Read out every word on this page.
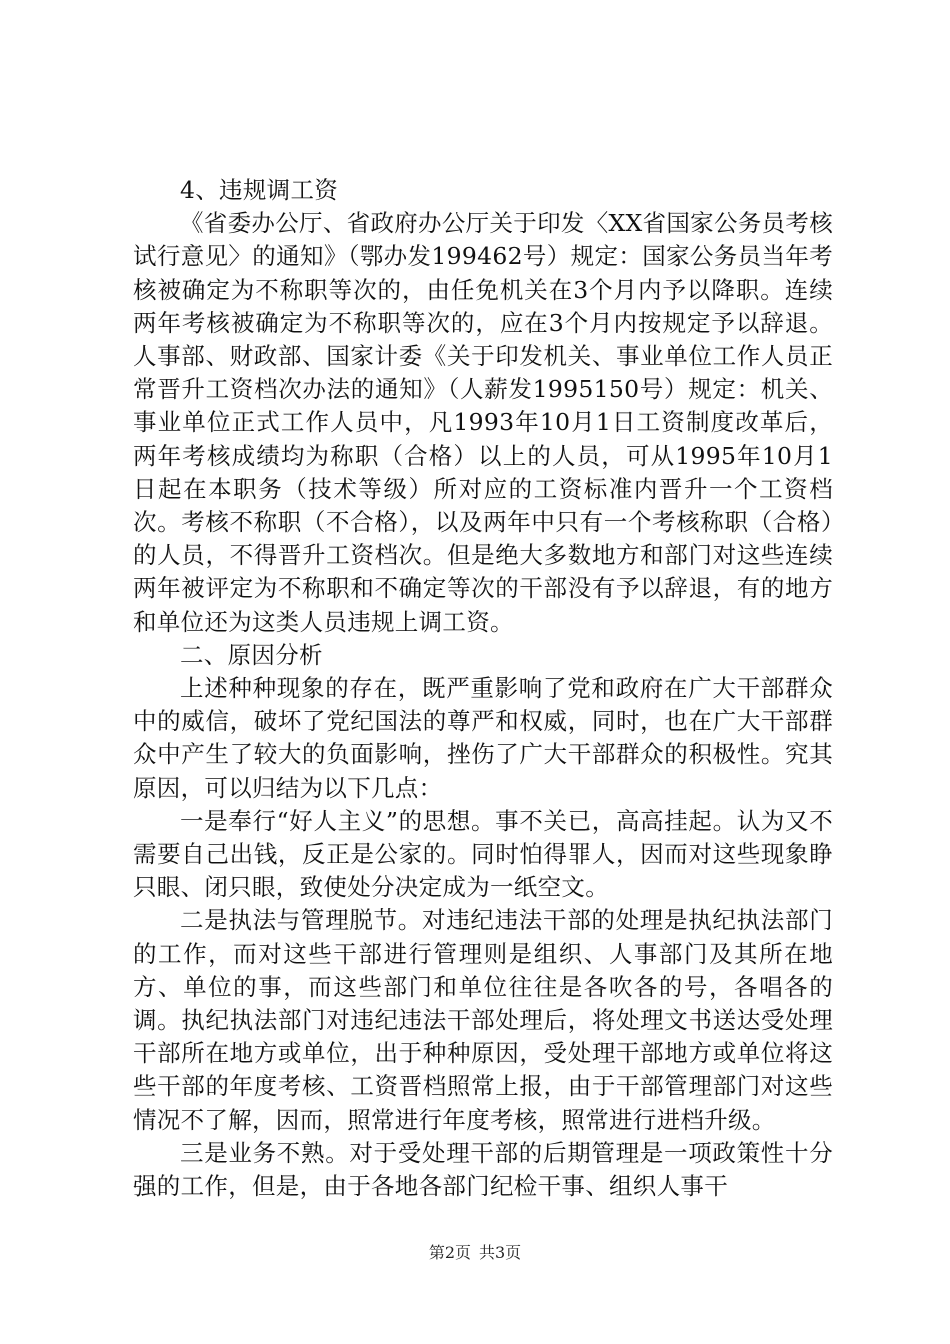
4、违规调工资

《省委办公厅、省政府办公厅关于印发〈XX省国家公务员考核试行意见〉的通知》（鄂办发199462号）规定：国家公务员当年考核被确定为不称职等次的，由任免机关在3个月内予以降职。连续两年考核被确定为不称职等次的，应在3个月内按规定予以辞退。人事部、财政部、国家计委《关于印发机关、事业单位工作人员正常晋升工资档次办法的通知》（人薪发1995150号）规定：机关、事业单位正式工作人员中，凡1993年10月1日工资制度改革后，两年考核成绩均为称职（合格）以上的人员，可从1995年10月1日起在本职务（技术等级）所对应的工资标准内晋升一个工资档次。考核不称职（不合格），以及两年中只有一个考核称职（合格）的人员，不得晋升工资档次。但是绝大多数地方和部门对这些连续两年被评定为不称职和不确定等次的干部没有予以辞退，有的地方和单位还为这类人员违规上调工资。

二、原因分析

上述种种现象的存在，既严重影响了党和政府在广大干部群众中的威信，破坏了党纪国法的尊严和权威，同时，也在广大干部群众中产生了较大的负面影响，挫伤了广大干部群众的积极性。究其原因，可以归结为以下几点：

一是奉行“好人主义”的思想。事不关已，高高挂起。认为又不需要自己出钱，反正是公家的。同时怕得罪人，因而对这些现象睁只眼、闭只眼，致使处分决定成为一纸空文。

二是执法与管理脱节。对违纪违法干部的处理是执纪执法部门的工作，而对这些干部进行管理则是组织、人事部门及其所在地方、单位的事，而这些部门和单位往往是各吹各的号，各唱各的调。执纪执法部门对违纪违法干部处理后，将处理文书送达受处理干部所在地方或单位，出于种种原因，受处理干部地方或单位将这些干部的年度考核、工资晋档照常上报，由于干部管理部门对这些情况不了解，因而，照常进行年度考核，照常进行进档升级。

三是业务不熟。对于受处理干部的后期管理是一项政策性十分强的工作，但是，由于各地各部门纪检干事、组织人事干

第2页 共3页
